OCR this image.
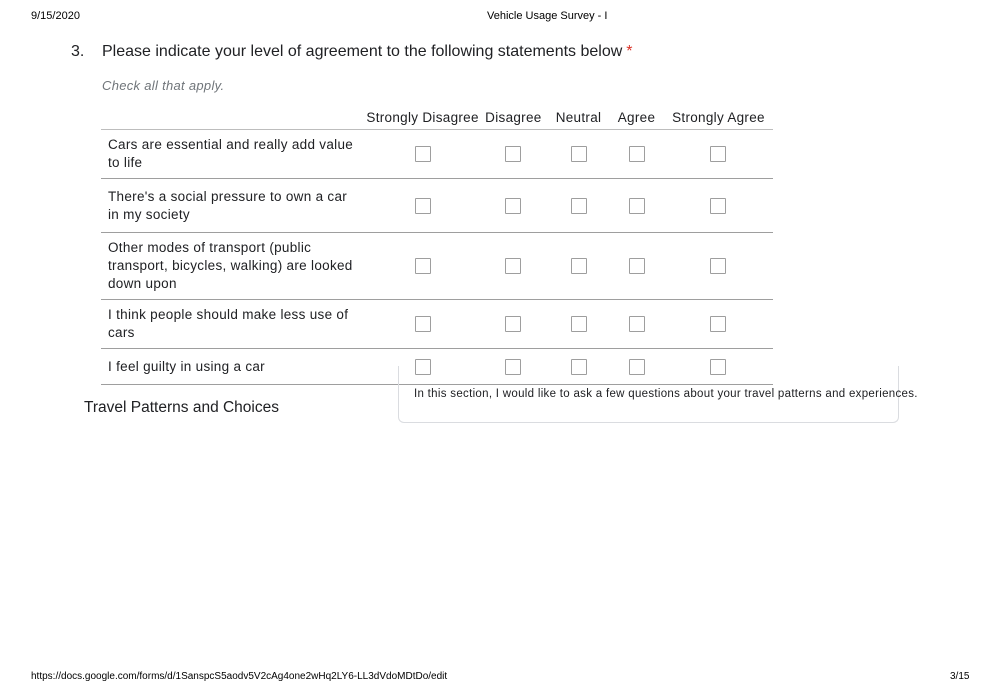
9/15/2020	Vehicle Usage Survey - I
3. Please indicate your level of agreement to the following statements below *
Check all that apply.
	Strongly Disagree	Disagree	Neutral	Agree	Strongly Agree
Cars are essential and really add value to life					
There's a social pressure to own a car in my society					
Other modes of transport (public transport, bicycles, walking) are looked down upon					
I think people should make less use of cars					
I feel guilty in using a car					
Travel Patterns and Choices
In this section, I would like to ask a few questions about your travel patterns and experiences.
https://docs.google.com/forms/d/1SanspcS5aodv5V2cAg4one2wHq2LY6-LL3dVdoMDtDo/edit	3/15
